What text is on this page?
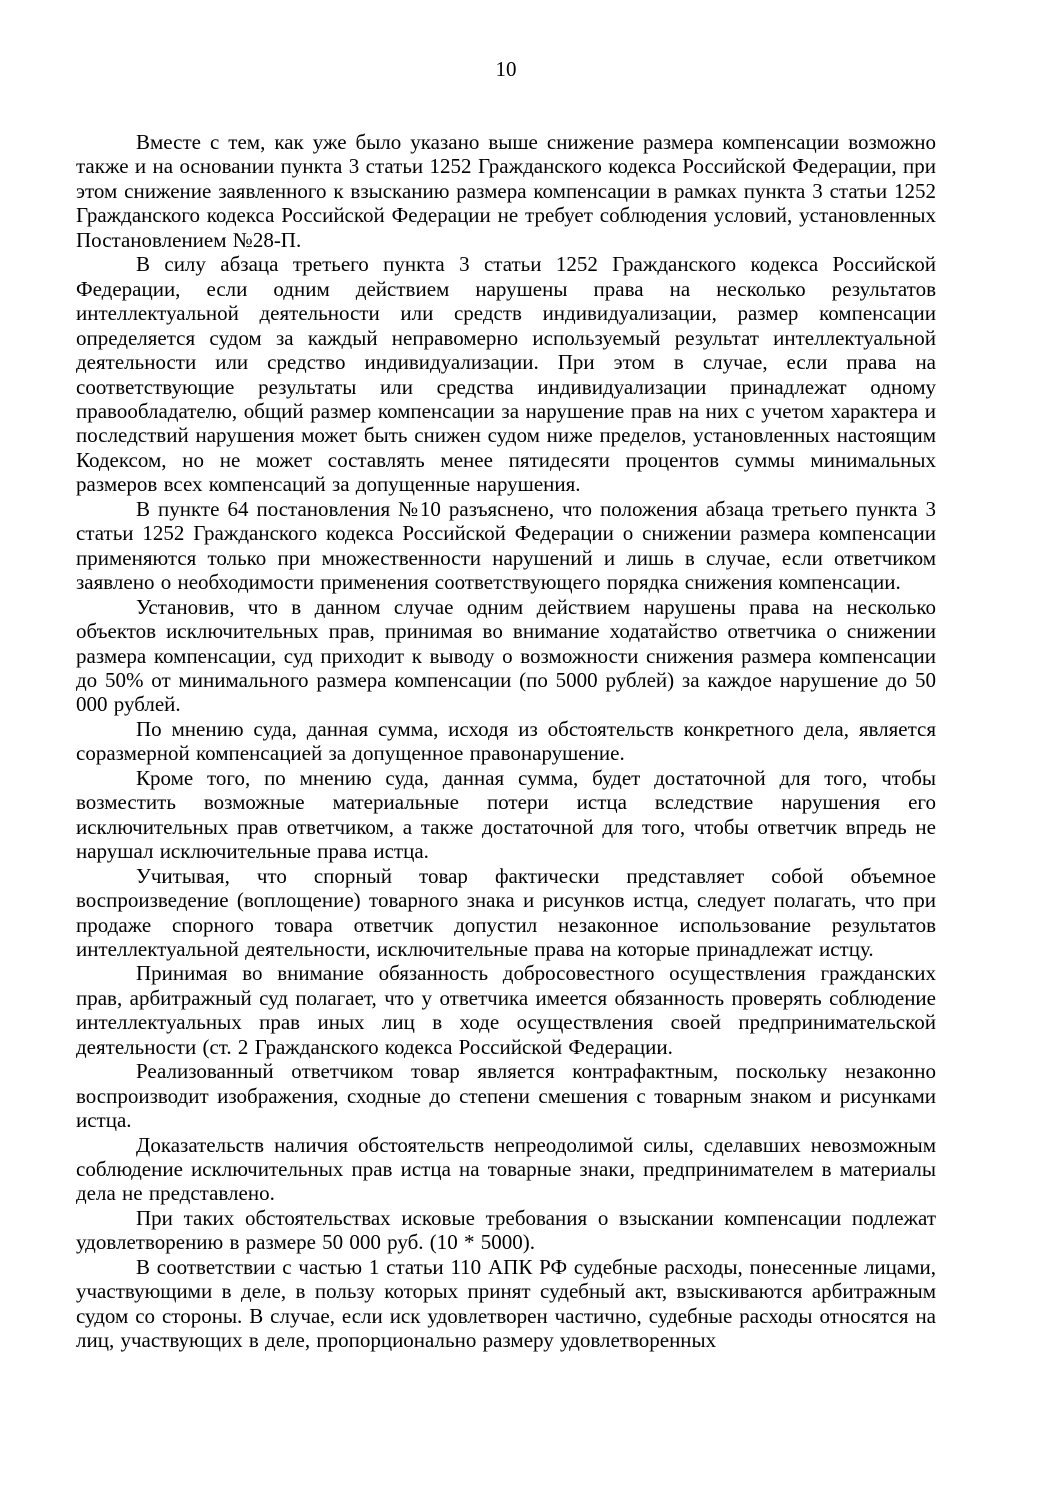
10

Вместе с тем, как уже было указано выше снижение размера компенсации возможно также и на основании пункта 3 статьи 1252 Гражданского кодекса Российской Федерации, при этом снижение заявленного к взысканию размера компенсации в рамках пункта 3 статьи 1252 Гражданского кодекса Российской Федерации не требует соблюдения условий, установленных Постановлением №28-П.

В силу абзаца третьего пункта 3 статьи 1252 Гражданского кодекса Российской Федерации, если одним действием нарушены права на несколько результатов интеллектуальной деятельности или средств индивидуализации, размер компенсации определяется судом за каждый неправомерно используемый результат интеллектуальной деятельности или средство индивидуализации. При этом в случае, если права на соответствующие результаты или средства индивидуализации принадлежат одному правообладателю, общий размер компенсации за нарушение прав на них с учетом характера и последствий нарушения может быть снижен судом ниже пределов, установленных настоящим Кодексом, но не может составлять менее пятидесяти процентов суммы минимальных размеров всех компенсаций за допущенные нарушения.

В пункте 64 постановления №10 разъяснено, что положения абзаца третьего пункта 3 статьи 1252 Гражданского кодекса Российской Федерации о снижении размера компенсации применяются только при множественности нарушений и лишь в случае, если ответчиком заявлено о необходимости применения соответствующего порядка снижения компенсации.

Установив, что в данном случае одним действием нарушены права на несколько объектов исключительных прав, принимая во внимание ходатайство ответчика о снижении размера компенсации, суд приходит к выводу о возможности снижения размера компенсации до 50% от минимального размера компенсации (по 5000 рублей) за каждое нарушение до 50 000 рублей.

По мнению суда, данная сумма, исходя из обстоятельств конкретного дела, является соразмерной компенсацией за допущенное правонарушение.

Кроме того, по мнению суда, данная сумма, будет достаточной для того, чтобы возместить возможные материальные потери истца вследствие нарушения его исключительных прав ответчиком, а также достаточной для того, чтобы ответчик впредь не нарушал исключительные права истца.

Учитывая, что спорный товар фактически представляет собой объемное воспроизведение (воплощение) товарного знака и рисунков истца, следует полагать, что при продаже спорного товара ответчик допустил незаконное использование результатов интеллектуальной деятельности, исключительные права на которые принадлежат истцу.

Принимая во внимание обязанность добросовестного осуществления гражданских прав, арбитражный суд полагает, что у ответчика имеется обязанность проверять соблюдение интеллектуальных прав иных лиц в ходе осуществления своей предпринимательской деятельности (ст. 2 Гражданского кодекса Российской Федерации.

Реализованный ответчиком товар является контрафактным, поскольку незаконно воспроизводит изображения, сходные до степени смешения с товарным знаком и рисунками истца.

Доказательств наличия обстоятельств непреодолимой силы, сделавших невозможным соблюдение исключительных прав истца на товарные знаки, предпринимателем в материалы дела не представлено.

При таких обстоятельствах исковые требования о взыскании компенсации подлежат удовлетворению в размере 50 000 руб. (10 * 5000).

В соответствии с частью 1 статьи 110 АПК РФ судебные расходы, понесенные лицами, участвующими в деле, в пользу которых принят судебный акт, взыскиваются арбитражным судом со стороны. В случае, если иск удовлетворен частично, судебные расходы относятся на лиц, участвующих в деле, пропорционально размеру удовлетворенных
